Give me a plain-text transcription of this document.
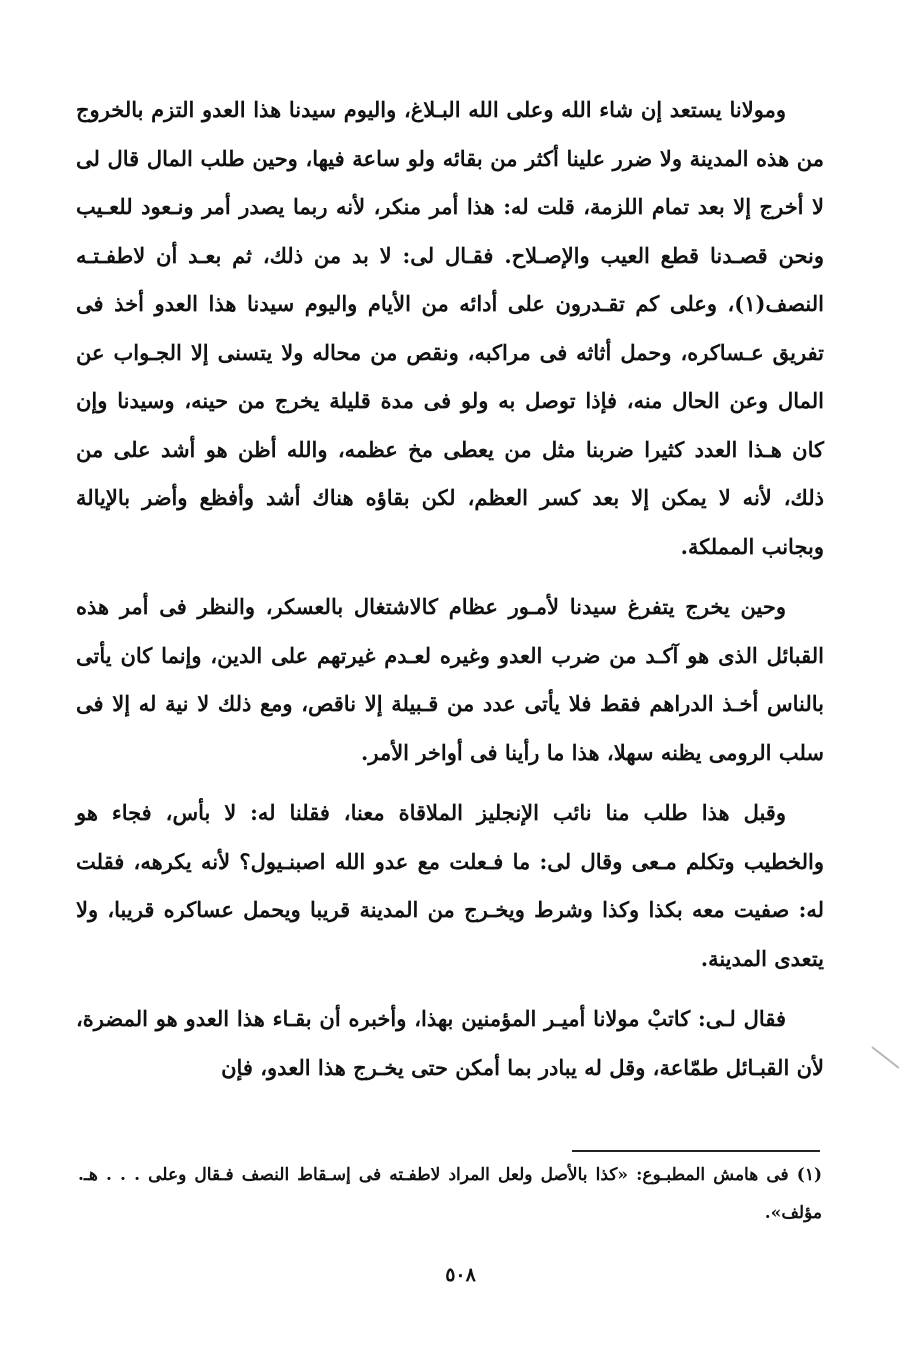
ومولانا يستعد إن شاء الله وعلى الله البـلاغ، واليوم سيدنا هذا العدو التزم بالخروج من هذه المدينة ولا ضرر علينا أكثر من بقائه ولو ساعة فيها، وحين طلب المال قال لى لا أخرج إلا بعد تمام اللزمة، قلت له: هذا أمر منكر، لأنه ربما يصدر أمر ونـعود للعـيب ونحن قصـدنا قطع العيب والإصـلاح. فقـال لى: لا بد من ذلك، ثم بعـد أن لاطفـتـه النصف(١)، وعلى كم تقـدرون على أدائه من الأيام واليوم سيدنا هذا العدو أخذ فى تفريق عـساكره، وحمل أثاثه فى مراكبه، ونقص من محاله ولا يتسنى إلا الجـواب عن المال وعن الحال منه، فإذا توصل به ولو فى مدة قليلة يخرج من حينه، وسيدنا وإن كان هـذا العدد كثيرا ضربنا مثل من يعطى مخ عظمه، والله أظن هو أشد على من ذلك، لأنه لا يمكن إلا بعد كسر العظم، لكن بقاؤه هناك أشد وأفظع وأضر بالإيالة وبجانب المملكة.

وحين يخرج يتفرغ سيدنا لأمـور عظام كالاشتغال بالعسكر، والنظر فى أمر هذه القبائل الذى هو آكـد من ضرب العدو وغيره لعـدم غيرتهم على الدين، وإنما كان يأتى بالناس أخـذ الدراهم فقط فلا يأتى عدد من قـبيلة إلا ناقص، ومع ذلك لا نية له إلا فى سلب الرومى يظنه سهلا، هذا ما رأينا فى أواخر الأمر.

وقبل هذا طلب منا نائب الإنجليز الملاقاة معنا، فقلنا له: لا بأس، فجاء هو والخطيب وتكلم مـعى وقال لى: ما فـعلت مع عدو الله اصبنـيول؟ لأنه يكرهه، فقلت له: صفيت معه بكذا وكذا وشرط ويخـرج من المدينة قريبا ويحمل عساكره قريبا، ولا يتعدى المدينة.

فقال لـى: كاتبْ مولانا أميـر المؤمنين بهذا، وأخبره أن بقـاء هذا العدو هو المضرة، لأن القبـائل طمّاعة، وقل له يبادر بما أمكن حتى يخـرج هذا العدو، فإن

(١) فى هامش المطبـوع: «كذا بالأصل ولعل المراد لاطفـته فى إسـقاط النصف فـقال وعلى . . . هـ. مؤلف».
٥٠٨
